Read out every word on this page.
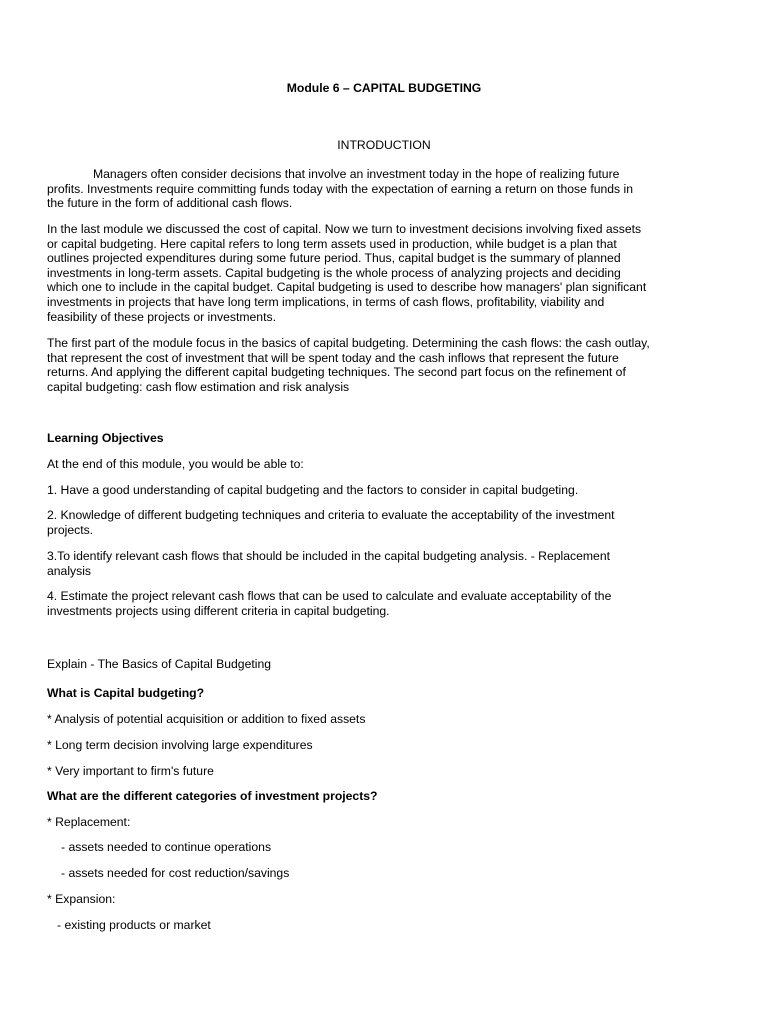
Module 6 – CAPITAL BUDGETING
INTRODUCTION

Managers often consider decisions that involve an investment today in the hope of realizing future
profits. Investments require committing funds today with the expectation of earning a return on those funds in
the future in the form of additional cash flows.

In the last module we discussed the cost of capital. Now we turn to investment decisions involving fixed assets
or capital budgeting. Here capital refers to long term assets used in production, while budget is a plan that
outlines projected expenditures during some future period. Thus, capital budget is the summary of planned
investments in long-term assets. Capital budgeting is the whole process of analyzing projects and deciding
which one to include in the capital budget. Capital budgeting is used to describe how managers' plan significant
investments in projects that have long term implications, in terms of cash flows, profitability, viability and
feasibility of these projects or investments.

The first part of the module focus in the basics of capital budgeting. Determining the cash flows: the cash outlay,
that represent the cost of investment that will be spent today and the cash inflows that represent the future
returns. And applying the different capital budgeting techniques. The second part focus on the refinement of
capital budgeting: cash flow estimation and risk analysis

Learning Objectives
At the end of this module, you would be able to:

1. Have a good understanding of capital budgeting and the factors to consider in capital budgeting.

2. Knowledge of different budgeting techniques and criteria to evaluate the acceptability of the investment
projects.

3.To identify relevant cash flows that should be included in the capital budgeting analysis. - Replacement
analysis

4. Estimate the project relevant cash flows that can be used to calculate and evaluate acceptability of the
investments projects using different criteria in capital budgeting.

Explain - The Basics of Capital Budgeting
What is Capital budgeting?
* Analysis of potential acquisition or addition to fixed assets
* Long term decision involving large expenditures
* Very important to firm's future
What are the different categories of investment projects?
* Replacement:
- assets needed to continue operations
- assets needed for cost reduction/savings
* Expansion:
- existing products or market
